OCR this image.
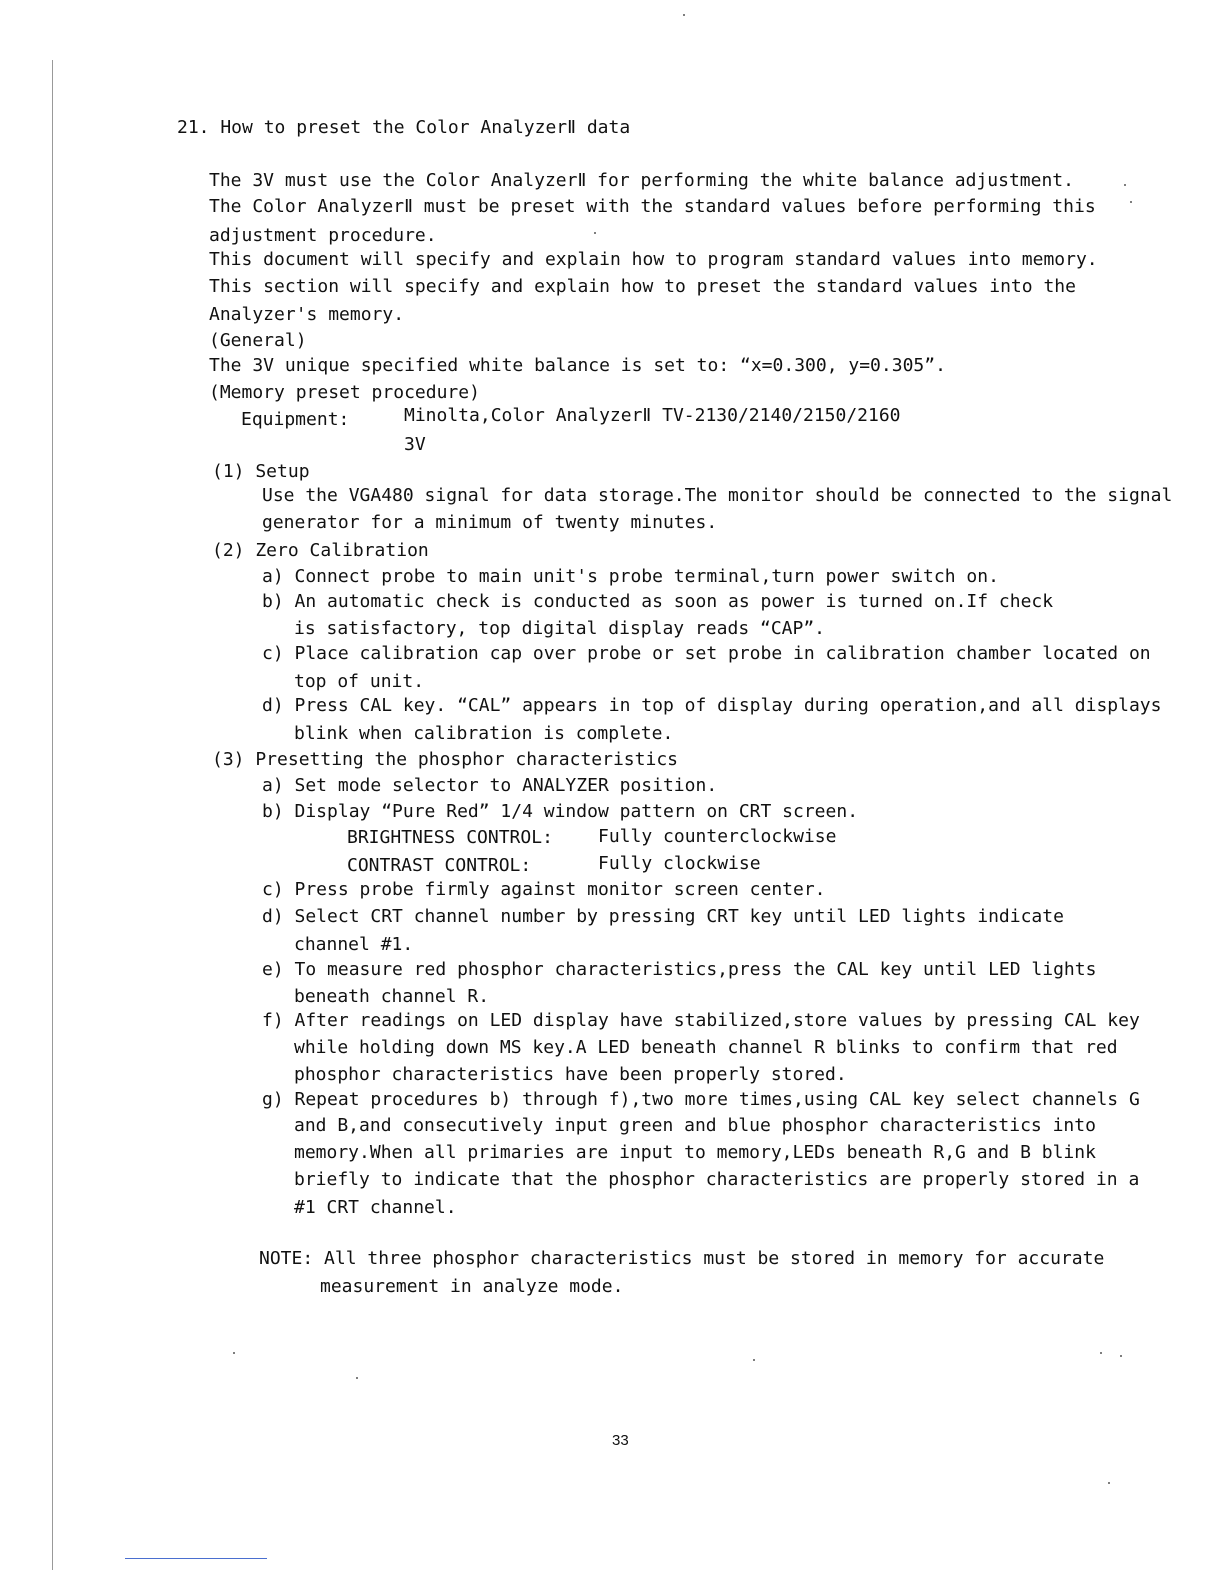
21. How to preset the Color AnalyzerⅡ data
The 3V must use the Color AnalyzerⅡ for performing the white balance adjustment.
The Color AnalyzerⅡ must be preset with the standard values before performing this
adjustment procedure.
This document will specify and explain how to program standard values into memory.
This section will specify and explain how to preset the standard values into the
Analyzer's memory.
(General)
The 3V unique specified white balance is set to: “x=0.300, y=0.305”.
(Memory preset procedure)
Equipment:	Minolta,Color AnalyzerⅡ TV-2130/2140/2150/2160
3V
(1) Setup
Use the VGA480 signal for data storage.The monitor should be connected to the signal
generator for a minimum of twenty minutes.
(2) Zero Calibration
a) Connect probe to main unit's probe terminal,turn power switch on.
b) An automatic check is conducted as soon as power is turned on.If check
is satisfactory, top digital display reads “CAP”.
c) Place calibration cap over probe or set probe in calibration chamber located on
top of unit.
d) Press CAL key. “CAL” appears in top of display during operation,and all displays
blink when calibration is complete.
(3) Presetting the phosphor characteristics
a) Set mode selector to ANALYZER position.
b) Display “Pure Red” 1/4 window pattern on CRT screen.
BRIGHTNESS CONTROL:	Fully counterclockwise
CONTRAST CONTROL:	Fully clockwise
c) Press probe firmly against monitor screen center.
d) Select CRT channel number by pressing CRT key until LED lights indicate
channel #1.
e) To measure red phosphor characteristics,press the CAL key until LED lights
beneath channel R.
f) After readings on LED display have stabilized,store values by pressing CAL key
while holding down MS key.A LED beneath channel R blinks to confirm that red
phosphor characteristics have been properly stored.
g) Repeat procedures b) through f),two more times,using CAL key select channels G
and B,and consecutively input green and blue phosphor characteristics into
memory.When all primaries are input to memory,LEDs beneath R,G and B blink
briefly to indicate that the phosphor characteristics are properly stored in a
#1 CRT channel.
NOTE: All three phosphor characteristics must be stored in memory for accurate
measurement in analyze mode.
33
